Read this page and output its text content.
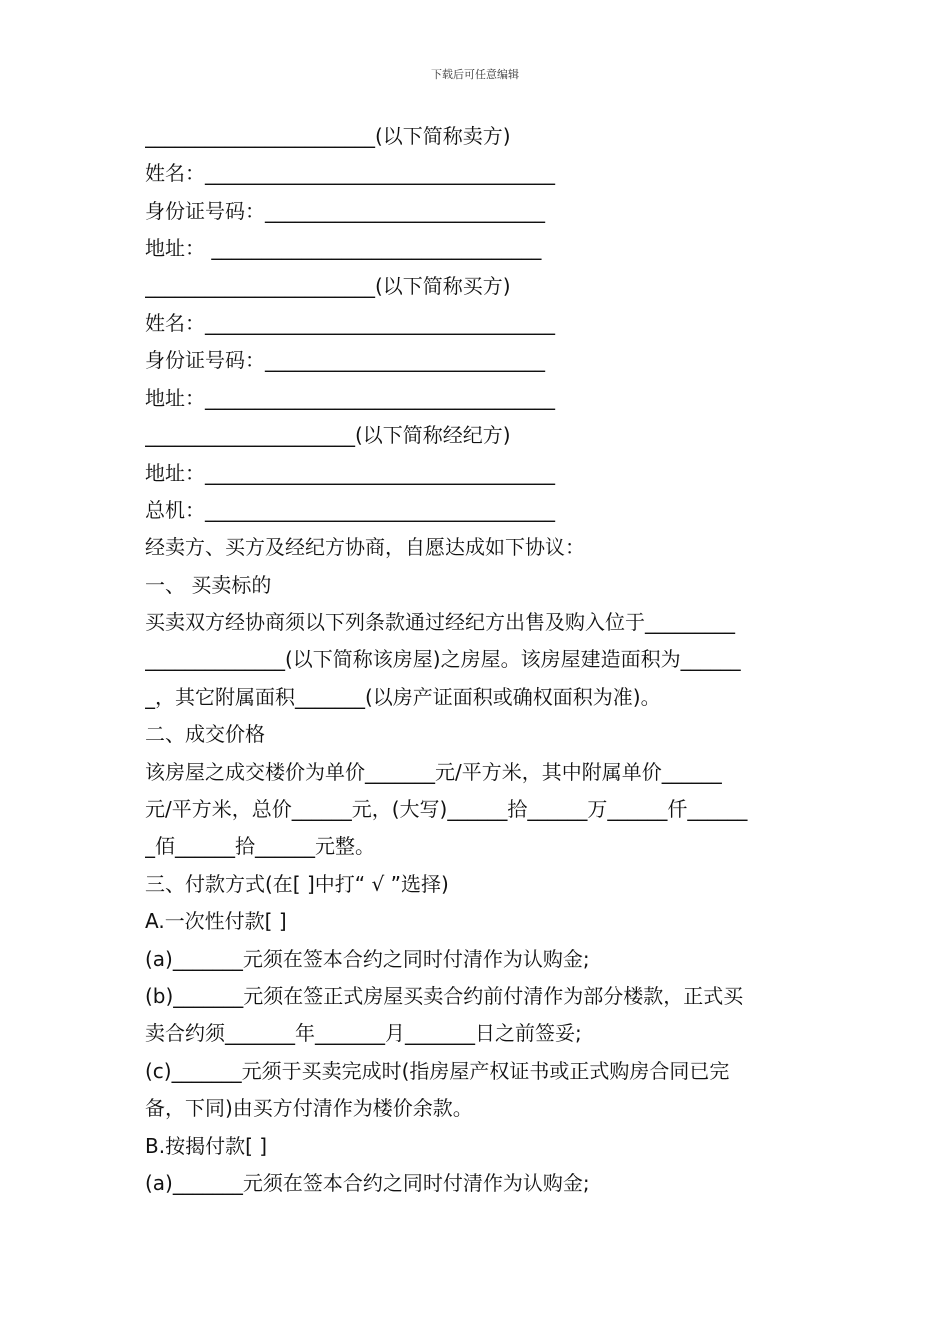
下载后可任意编辑
_______________________(以下简称卖方)
姓名：___________________________________
身份证号码：____________________________
地址： _________________________________
_______________________(以下简称买方)
姓名：___________________________________
身份证号码：____________________________
地址：___________________________________
_____________________(以下简称经纪方)
地址：___________________________________
总机：___________________________________
经卖方、买方及经纪方协商，自愿达成如下协议：
一、 买卖标的
买卖双方经协商须以下列条款通过经纪方出售及购入位于_________
______________(以下简称该房屋)之房屋。该房屋建造面积为______
_，其它附属面积_______(以房产证面积或确权面积为准)。
二、成交价格
该房屋之成交楼价为单价_______元/平方米，其中附属单价______
元/平方米，总价______元，(大写)______拾______万______仟______
_佰______拾______元整。
三、付款方式(在[ ]中打“ √ ”选择)
A.一次性付款[ ]
(a)_______元须在签本合约之同时付清作为认购金;
(b)_______元须在签正式房屋买卖合约前付清作为部分楼款，正式买
卖合约须_______年_______月_______日之前签妥;
(c)_______元须于买卖完成时(指房屋产权证书或正式购房合同已完
备，下同)由买方付清作为楼价余款。
B.按揭付款[ ]
(a)_______元须在签本合约之同时付清作为认购金;
